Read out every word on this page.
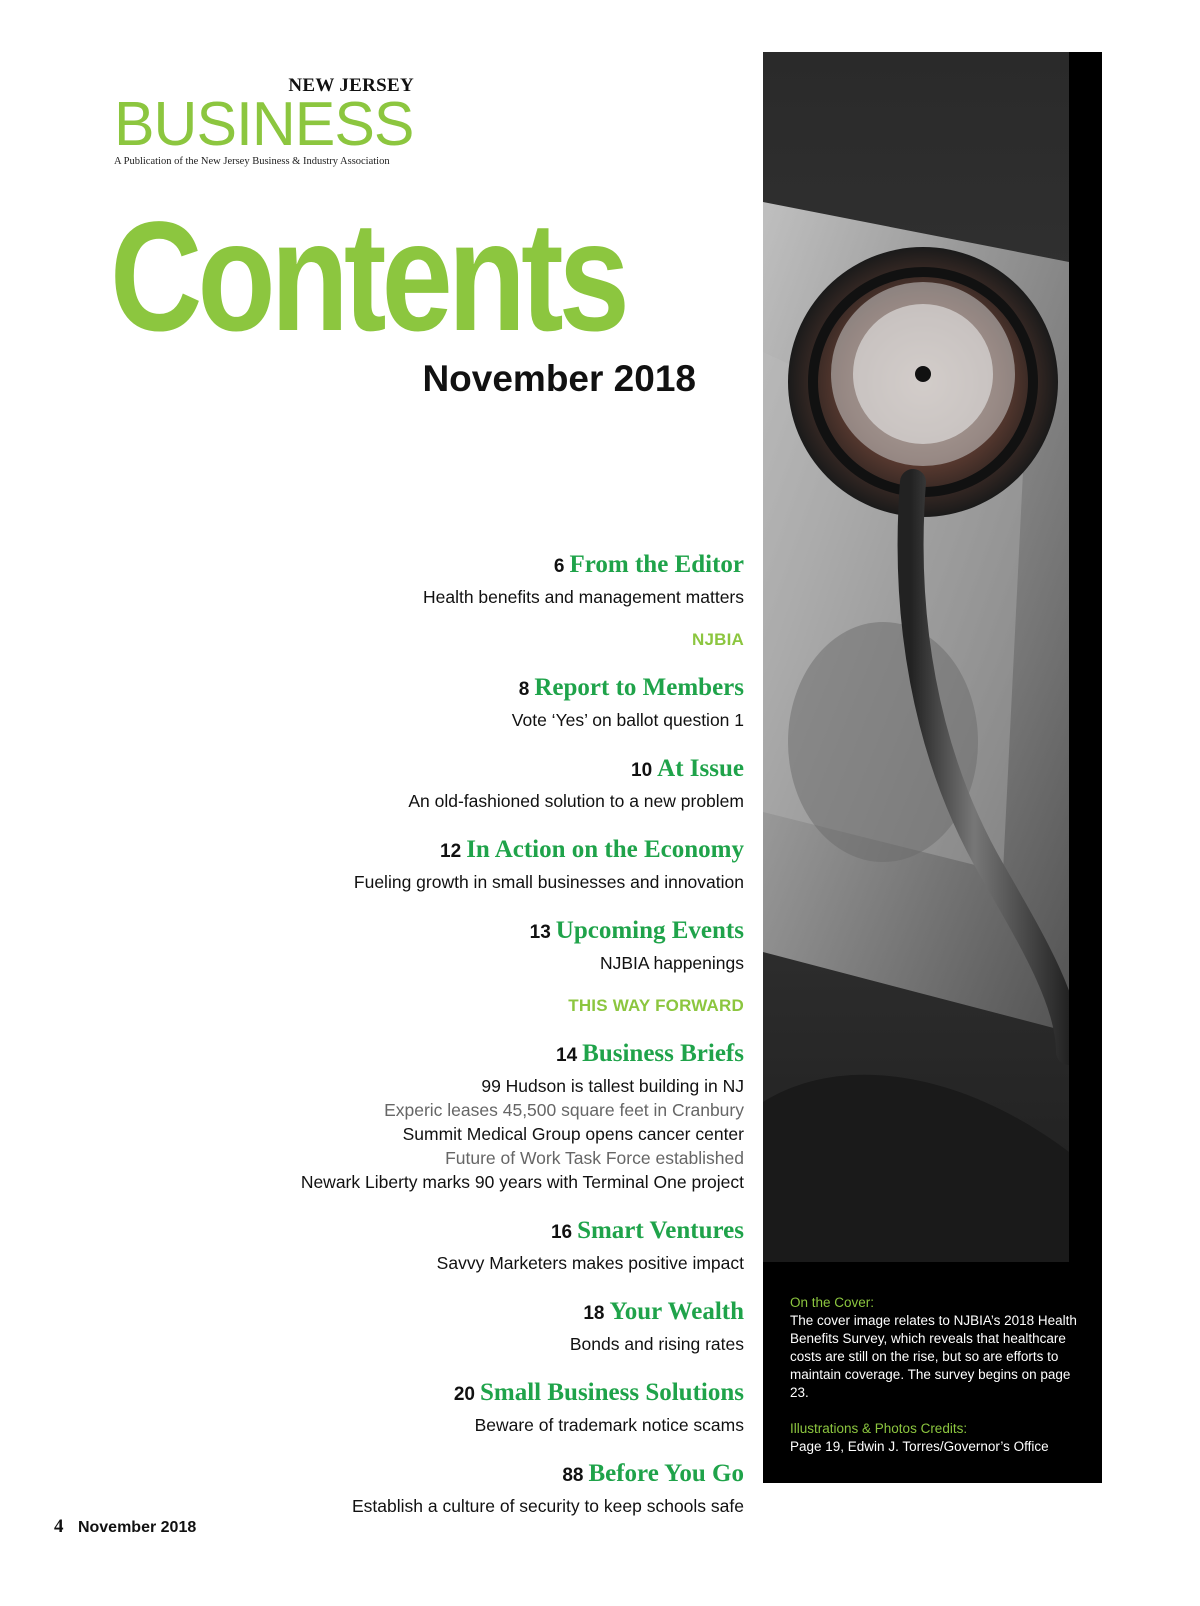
NEW JERSEY
BUSINESS
A Publication of the New Jersey Business & Industry Association
Contents
November 2018
6 From the Editor
Health benefits and management matters
NJBIA
8 Report to Members
Vote ‘Yes’ on ballot question 1
10 At Issue
An old-fashioned solution to a new problem
12 In Action on the Economy
Fueling growth in small businesses and innovation
13 Upcoming Events
NJBIA happenings
THIS WAY FORWARD
14 Business Briefs
99 Hudson is tallest building in NJ
Experic leases 45,500 square feet in Cranbury
Summit Medical Group opens cancer center
Future of Work Task Force established
Newark Liberty marks 90 years with Terminal One project
16 Smart Ventures
Savvy Marketers makes positive impact
18 Your Wealth
Bonds and rising rates
20 Small Business Solutions
Beware of trademark notice scams
88 Before You Go
Establish a culture of security to keep schools safe
On the Cover:
The cover image relates to NJBIA’s 2018 Health Benefits Survey, which reveals that healthcare costs are still on the rise, but so are efforts to maintain coverage. The survey begins on page 23.
Illustrations & Photos Credits:
Page 19, Edwin J. Torres/Governor’s Office
4 November 2018
